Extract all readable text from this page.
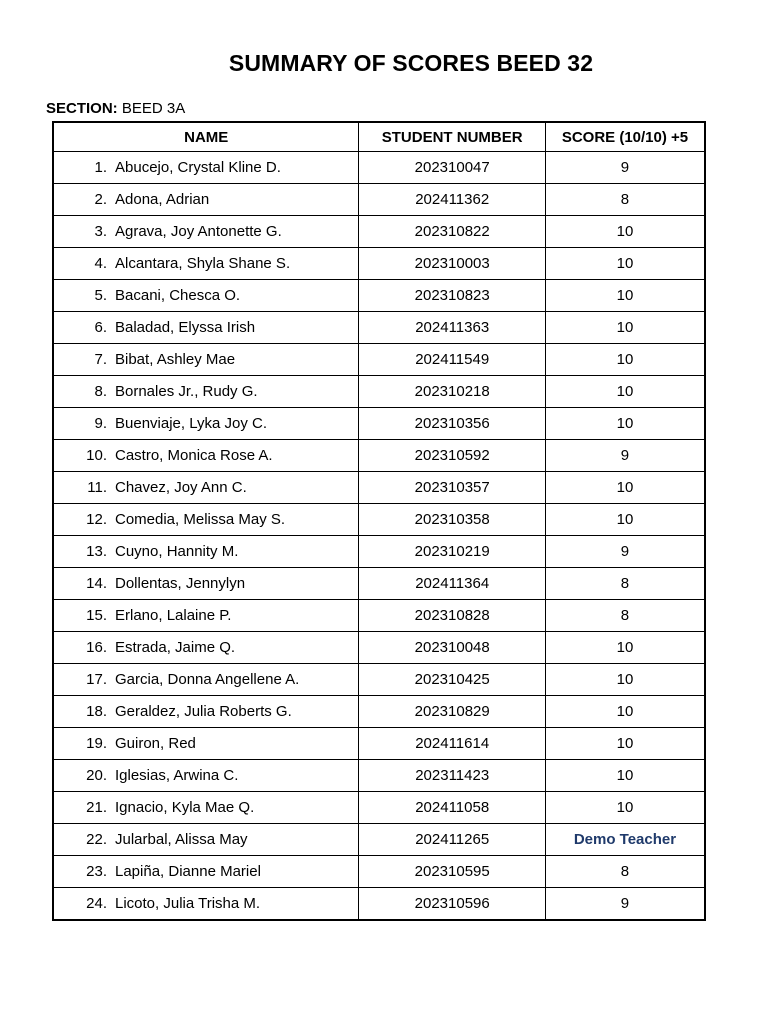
SUMMARY OF SCORES BEED 32
SECTION: BEED 3A
NAME	STUDENT NUMBER	SCORE (10/10) +5
1. Abucejo, Crystal Kline D.	202310047	9
2. Adona, Adrian	202411362	8
3. Agrava, Joy Antonette G.	202310822	10
4. Alcantara, Shyla Shane S.	202310003	10
5. Bacani, Chesca O.	202310823	10
6. Baladad, Elyssa Irish	202411363	10
7. Bibat, Ashley Mae	202411549	10
8. Bornales Jr., Rudy G.	202310218	10
9. Buenviaje, Lyka Joy C.	202310356	10
10. Castro, Monica Rose A.	202310592	9
11. Chavez, Joy Ann C.	202310357	10
12. Comedia, Melissa May S.	202310358	10
13. Cuyno, Hannity M.	202310219	9
14. Dollentas, Jennylyn	202411364	8
15. Erlano, Lalaine P.	202310828	8
16. Estrada, Jaime Q.	202310048	10
17. Garcia, Donna Angellene A.	202310425	10
18. Geraldez, Julia Roberts G.	202310829	10
19. Guiron, Red	202411614	10
20. Iglesias, Arwina C.	202311423	10
21. Ignacio, Kyla Mae Q.	202411058	10
22. Jularbal, Alissa May	202411265	Demo Teacher
23. Lapiña, Dianne Mariel	202310595	8
24. Licoto, Julia Trisha M.	202310596	9
